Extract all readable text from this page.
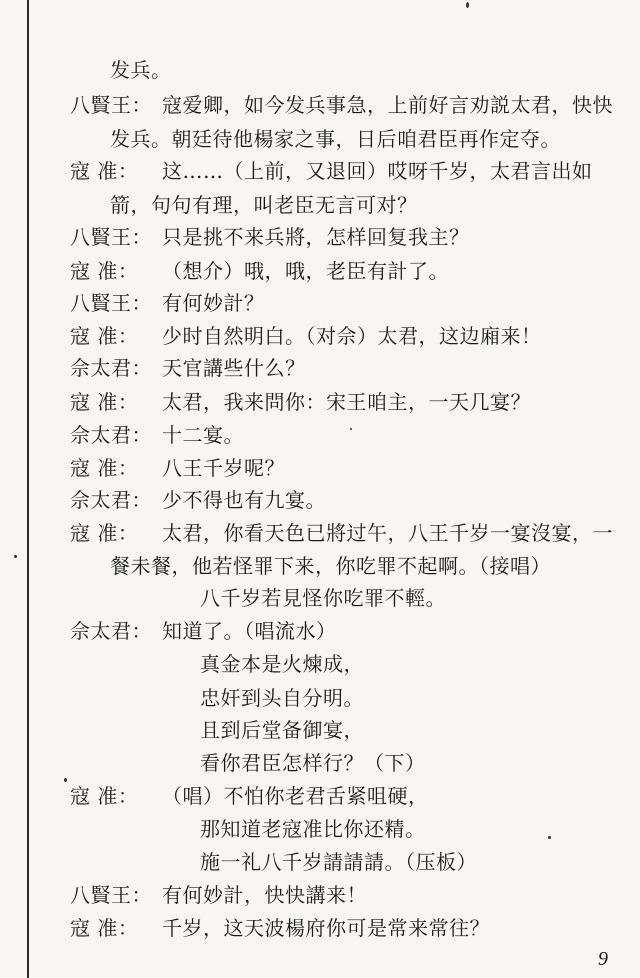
发兵。
八賢王： 寇爱卿，如今发兵事急，上前好言劝説太君，快快
发兵。朝廷待他楊家之事，日后咱君臣再作定夺。
寇 准： 这……（上前，又退回）哎呀千岁，太君言出如
箭，句句有理，叫老臣无言可对？
八賢王： 只是挑不来兵將，怎样回复我主？
寇 准： （想介）哦，哦，老臣有計了。
八賢王： 有何妙計？
寇 准： 少时自然明白。（对佘）太君，这边廂来！
佘太君： 天官講些什么？
寇 准： 太君，我来問你：宋王咱主，一天几宴？
佘太君： 十二宴。
寇 准： 八王千岁呢？
佘太君： 少不得也有九宴。
寇 准： 太君，你看天色已將过午，八王千岁一宴沒宴，一
餐未餐，他若怪罪下来，你吃罪不起啊。（接唱）
八千岁若見怪你吃罪不輕。
佘太君： 知道了。（唱流水）
真金本是火煉成，
忠奸到头自分明。
且到后堂备御宴，
看你君臣怎样行？（下）
寇 准： （唱）不怕你老君舌紧咀硬，
那知道老寇准比你还精。
施一礼八千岁請請請。（压板）
八賢王： 有何妙計，快快講来！
寇 准： 千岁，这天波楊府你可是常来常往？
9
